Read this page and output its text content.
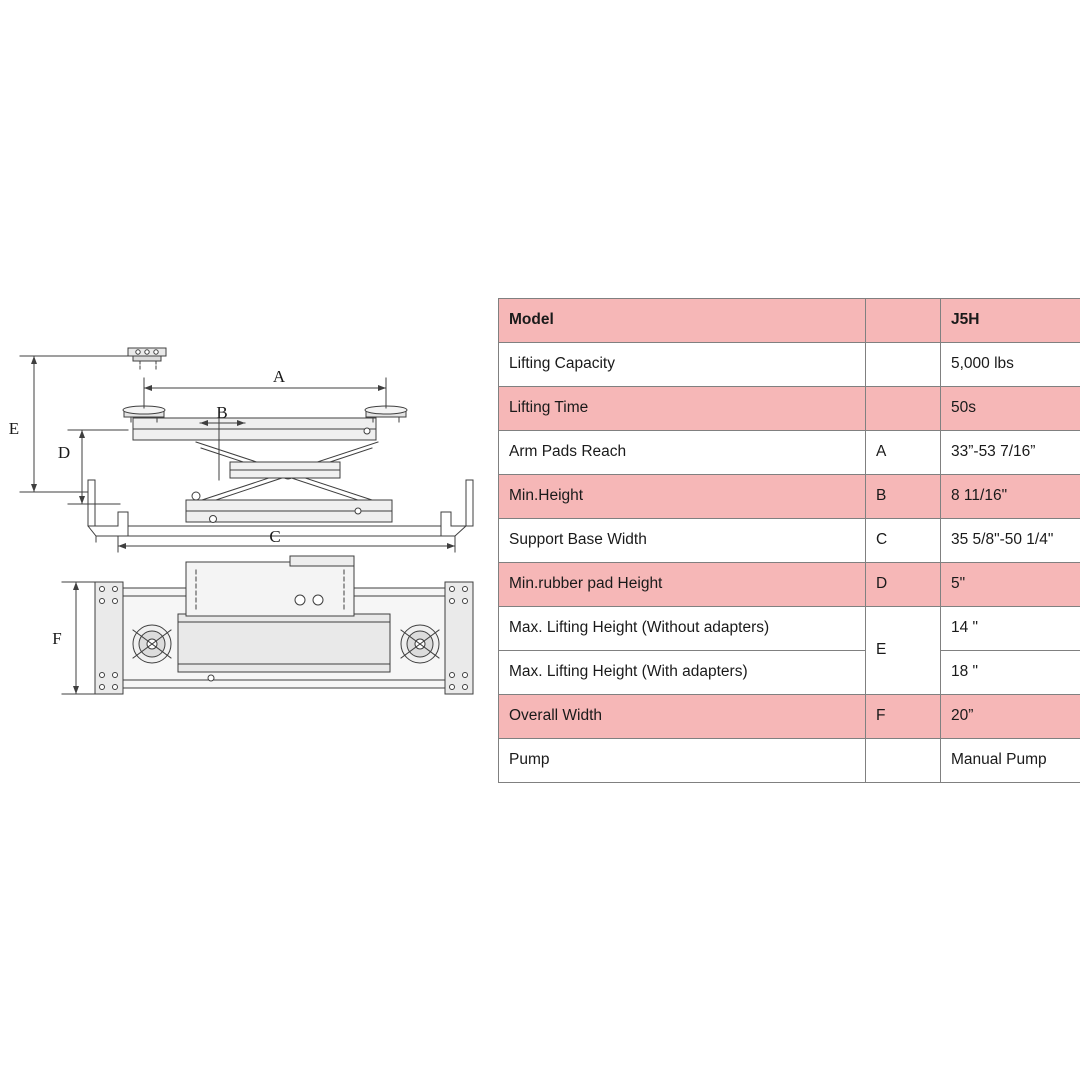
A
B
C
D
E
F
Model		J5H
Lifting Capacity		5,000 lbs
Lifting Time		50s
Arm Pads Reach	A	33”-53 7/16”
Min.Height	B	8 11/16"
Support Base Width	C	35 5/8"-50 1/4"
Min.rubber pad Height	D	5"
Max. Lifting Height (Without adapters)	E	14 "
Max. Lifting Height (With adapters)		18 "
Overall Width	F	20”
Pump		Manual Pump
